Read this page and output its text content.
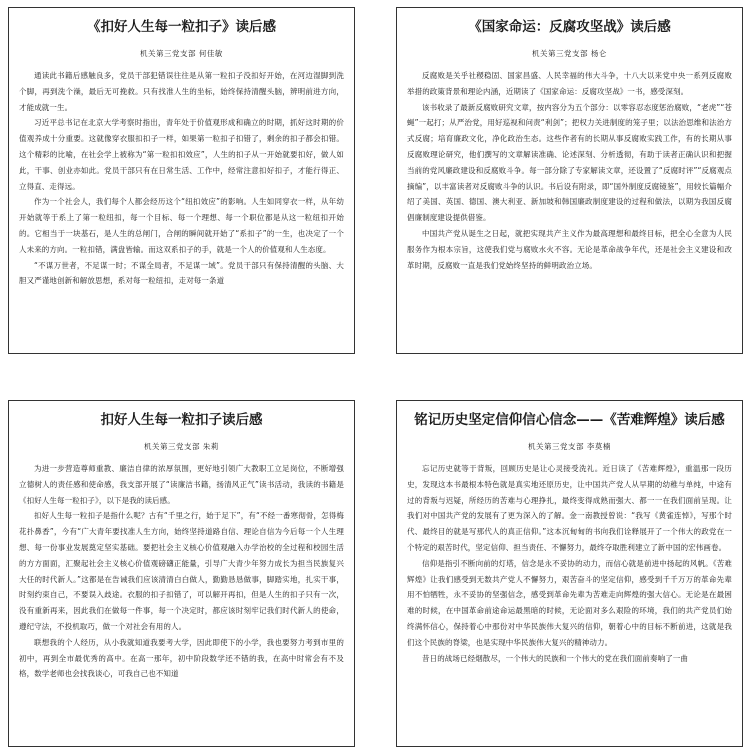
《扣好人生每一粒扣子》读后感
机关第三党支部 何佳敏

通读此书籍后感触良多，党员干部犯错误往往是从第一粒扣子没扣好开始，在河边湿脚到洗个脚，再到洗个澡，最后无可挽救。只有找准人生的坐标，始终保持清醒头脑，辨明前进方向，才能成就一生。

习近平总书记在北京大学考察时指出，青年处于价值观形成和确立的时期，抓好这时期的价值观养成十分重要。这就像穿衣服扣扣子一样，如果第一粒扣子扣错了，剩余的扣子都会扣错。这个精彩的比喻，在社会学上被称为“第一粒扣扣效应”，人生的扣子从一开始就要扣好，做人如此，干事、创业亦如此。党员干部只有在日常生活、工作中，经常注意扣好扣子，才能行得正、立得直、走得远。

作为一个社会人，我们每个人都会经历这个“纽扣效应”的影响。人生如同穿衣一样，从年幼开始就等于系上了第一粒纽扣，每一个目标、每一个理想、每一个职位都是从这一粒纽扣开始的。它相当于一块基石，是人生的总闸门，合闸的瞬间就开始了“系扣子”的一生，也决定了一个人未来的方向。一粒扣错，满盘皆输。而这双系扣子的手，就是一个人的价值观和人生态度。

“不谋万世者，不足谋一时；不谋全局者，不足谋一域”。党员干部只有保持清醒的头脑、大胆又严谨地创新和解放思想，系对每一粒纽扣，走对每一条道

《国家命运：反腐攻坚战》读后感
机关第三党支部 杨仑

反腐败是关乎社稷稳固、国家昌盛、人民幸福的伟大斗争，十八大以来党中央一系列反腐败举措的政策背景和理论内涵，近期读了《国家命运：反腐攻坚战》一书，感受深刻。

该书收录了最新反腐败研究文章，按内容分为五个部分：以零容忍态度惩治腐败，“老虎”“苍蝇”一起打；从严治党，用好巡视和问责“利剑”；把权力关进制度的笼子里；以法治思维和法治方式反腐；培育廉政文化，净化政治生态。这些作者有的长期从事反腐败实践工作，有的长期从事反腐败理论研究，他们撰写的文章解读准确、论述深刻、分析透彻，有助于读者正确认识和把握当前的党风廉政建设和反腐败斗争。每一部分除了专家解读文章，还设置了“反腐时评”“反腐观点摘编”，以丰富读者对反腐败斗争的认识。书后设有附录，即“国外制度反腐镜鉴”，用较长篇幅介绍了美国、英国、德国、澳大利亚、新加坡和韩国廉政制度建设的过程和做法，以期为我国反腐倡廉制度建设提供借鉴。

中国共产党从诞生之日起，就把实现共产主义作为最高理想和最终目标，把全心全意为人民服务作为根本宗旨，这使我们党与腐败水火不容。无论是革命战争年代，还是社会主义建设和改革时期，反腐败一直是我们党始终坚持的鲜明政治立场。

扣好人生每一粒扣子读后感
机关第三党支部 朱莉

为进一步营造尊师重教、廉洁自律的浓厚氛围，更好地引领广大教职工立足岗位，不断增强立德树人的责任感和使命感，我支部开展了“读廉洁书籍，扬清风正气”读书活动，我读的书籍是《扣好人生每一粒扣子》，以下是我的读后感。

扣好人生每一粒扣子是指什么呢？古有“千里之行，始于足下”，有“不经一番寒彻骨，怎得梅花扑鼻香”，今有“广大青年要找准人生方向，始终坚持道路自信、理论自信为今后每一个人生理想、每一份事业发展奠定坚实基础。要把社会主义核心价值观融入办学治校的全过程和校园生活的方方面面，汇聚起社会主义核心价值观磅礴正能量，引导广大青少年努力成长为担当民族复兴大任的时代新人。”这都是在告诫我们应该清清白白做人，勤勤恳恳做事，脚踏实地，扎实干事，时刻约束自己，不要误入歧途。衣服的扣子扣错了，可以解开再扣，但是人生的扣子只有一次，没有重新再来，因此我们在做每一件事，每一个决定时，都应该时刻牢记我们时代新人的使命，遵纪守法，不投机取巧，做一个对社会有用的人。

联想我的个人经历，从小我就知道我要考大学，因此即使下的小学，我也要努力考到市里的初中，再到全市最优秀的高中。在高一那年，初中阶段数学还不错的我，在高中时常会有不及格，数学老师也会找我谈心，可我自己也不知道

铭记历史坚定信仰信心信念——《苦难辉煌》读后感
机关第三党支部 李莫楠

忘记历史就等于背叛，回顾历史是让心灵接受洗礼。近日读了《苦难辉煌》，重温那一段历史，发现这本书最根本特色就是真实地还原历史，让中国共产党人从早期的幼稚与单纯，中途有过的背叛与迟疑，所经历的苦难与心理挣扎，最终变得成熟而强大、都一一在我们面前呈现。让我们对中国共产党的发展有了更为深入的了解。金一南教授曾说：“我写《黄雀连悼》，写那个时代、最终目的就是写那代人的真正信仰。”这本沉甸甸的书向我们诠释展开了一个伟大的政党在一个特定的艰苦时代，坚定信仰、担当责任、不懈努力，最终夺取胜利建立了新中国的宏伟画卷。

信仰是指引不断向前的灯塔，信念是永不妥协的动力，而信心就是前进中扬起的风帆。《苦难辉煌》让我们感受到无数共产党人不懈努力，艰苦奋斗的坚定信仰，感受到千千万万的革命先辈用不怕牺牲，永不妥协的坚强信念，感受到革命先辈为苦难走向辉煌的强大信心。无论是在最困难的时候，在中国革命前途命运最黑暗的时候，无论面对多么艰险的环境，我们的共产党员们始终满怀信心，保持着心中那份对中华民族伟大复兴的信仰，朝着心中的目标不断前进，这就是我们这个民族的脊梁，也是实现中华民族伟大复兴的精神动力。

昔日的战场已经烟散尽，一个伟大的民族和一个伟大的党在我们面前奏响了一曲
